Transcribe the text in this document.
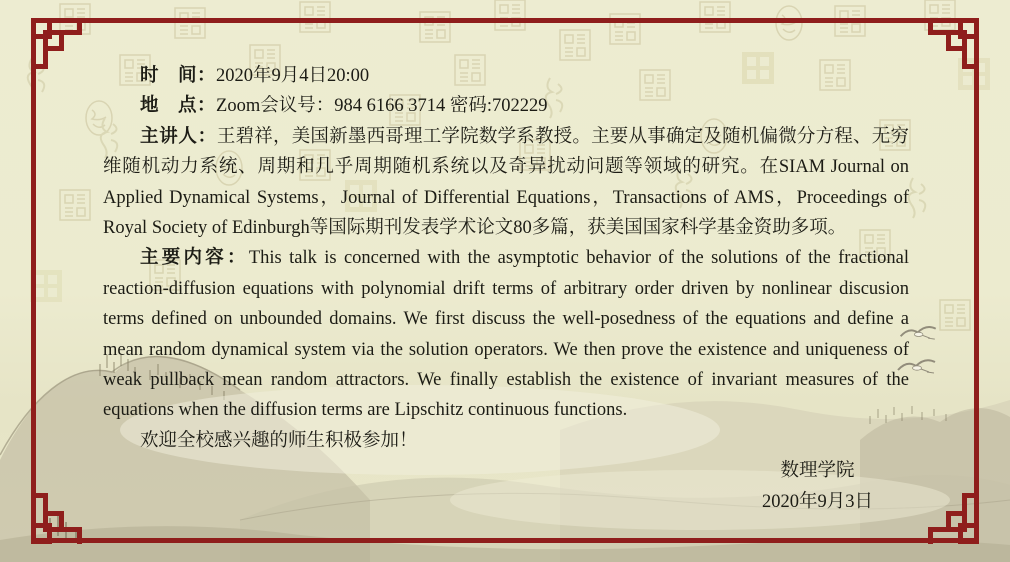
时　间：2020年9月4日20:00

地　点：Zoom会议号：984 6166 3714 密码:702229

主讲人：王碧祥，美国新墨西哥理工学院数学系教授。主要从事确定及随机偏微分方程、无穷维随机动力系统、周期和几乎周期随机系统以及奇异扰动问题等领域的研究。在SIAM Journal on Applied Dynamical Systems，Journal of Differential Equations，Transactions of AMS，Proceedings of Royal Society of Edinburgh等国际期刊发表学术论文80多篇，获美国国家科学基金资助多项。

主要内容：This talk is concerned with the asymptotic behavior of the solutions of the fractional reaction-diffusion equations with polynomial drift terms of arbitrary order driven by nonlinear discusion terms defined on unbounded domains. We first discuss the well-posedness of the equations and define a mean random dynamical system via the solution operators. We then prove the existence and uniqueness of weak pullback mean random attractors. We finally establish the existence of invariant measures of the equations when the diffusion terms are Lipschitz continuous functions.

欢迎全校感兴趣的师生积极参加！

数理学院

2020年9月3日
